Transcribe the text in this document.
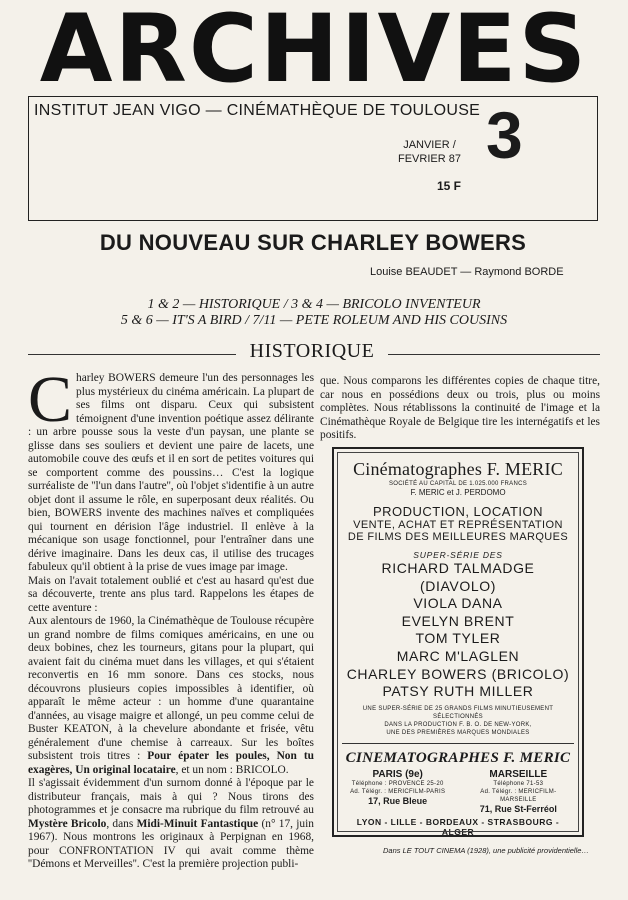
ARCHIVES
INSTITUT JEAN VIGO — CINÉMATHÈQUE DE TOULOUSE
JANVIER /
FEVRIER 87 3
15 F
DU NOUVEAU SUR CHARLEY BOWERS
Louise BEAUDET — Raymond BORDE
1 & 2 — HISTORIQUE / 3 & 4 — BRICOLO INVENTEUR
5 & 6 — IT'S A BIRD / 7/11 — PETE ROLEUM AND HIS COUSINS
HISTORIQUE

Charley BOWERS demeure l'un des personnages les plus mystérieux du cinéma américain. La plupart de ses films ont disparu. Ceux qui subsistent témoignent d'une invention poétique assez délirante : un arbre pousse sous la veste d'un paysan, une plante se glisse dans ses souliers et devient une paire de lacets, une automobile couve des œufs et il en sort de petites voitures qui se comportent comme des poussins… C'est la logique surréaliste de ''l'un dans l'autre'', où l'objet s'identifie à un autre objet dont il assume le rôle, en superposant deux réalités. Ou bien, BOWERS invente des machines naïves et compliquées qui tournent en dérision l'âge industriel. Il enlève à la mécanique son usage fonctionnel, pour l'entraîner dans une dérive imaginaire. Dans les deux cas, il utilise des trucages fabuleux qu'il obtient à la prise de vues image par image.

Mais on l'avait totalement oublié et c'est au hasard qu'est due sa découverte, trente ans plus tard. Rappelons les étapes de cette aventure :

Aux alentours de 1960, la Cinémathèque de Toulouse récupère un grand nombre de films comiques américains, en une ou deux bobines, chez les tourneurs, gitans pour la plupart, qui avaient fait du cinéma muet dans les villages, et qui s'étaient reconvertis en 16 mm sonore. Dans ces stocks, nous découvrons plusieurs copies impossibles à identifier, où apparaît le même acteur : un homme d'une quarantaine d'années, au visage maigre et allongé, un peu comme celui de Buster KEATON, à la chevelure abondante et frisée, vêtu généralement d'une chemise à carreaux. Sur les boîtes subsistent trois titres : Pour épater les poules, Non tu exagères, Un original locataire, et un nom : BRICOLO.

Il s'agissait évidemment d'un surnom donné à l'époque par le distributeur français, mais à qui ? Nous tirons des photogrammes et je consacre ma rubrique du film retrouvé au Mystère Bricolo, dans Midi-Minuit Fantastique (n° 17, juin 1967). Nous montrons les originaux à Perpignan en 1968, pour CONFRONTATION IV qui avait comme thème ''Démons et Merveilles''. C'est la première projection publi-

que. Nous comparons les différentes copies de chaque titre, car nous en possédions deux ou trois, plus ou moins complètes. Nous rétablissons la continuité de l'image et la Cinémathèque Royale de Belgique tire les internégatifs et les positifs.

Cinématographes F. MERIC
SOCIÉTÉ AU CAPITAL DE 1.025.000 FRANCS
F. MERIC et J. PERDOMO
PRODUCTION, LOCATION
VENTE, ACHAT ET REPRÉSENTATION
DE FILMS DES MEILLEURES MARQUES
SUPER-SÉRIE DES
RICHARD TALMADGE
(DIAVOLO)
VIOLA DANA
EVELYN BRENT
TOM TYLER
MARC M'LAGLEN
CHARLEY BOWERS (BRICOLO)
PATSY RUTH MILLER
UNE SUPER-SÉRIE DE 25 GRANDS FILMS MINUTIEUSEMENT SÉLECTIONNÉS
DANS LA PRODUCTION F. B. O. DE NEW-YORK,
UNE DES PREMIÈRES MARQUES MONDIALES
CINEMATOGRAPHES F. MERIC
PARIS (9e)
Téléphone : PROVENCE 25-20
Ad. Télégr. : MERICFILM-PARIS
17, Rue Bleue
MARSEILLE
Téléphone 71-53
Ad. Télégr. : MERICFILM-MARSEILLE
71, Rue St-Ferréol
LYON - LILLE - BORDEAUX - STRASBOURG - ALGER
Dans LE TOUT CINEMA (1928), une publicité providentielle…
